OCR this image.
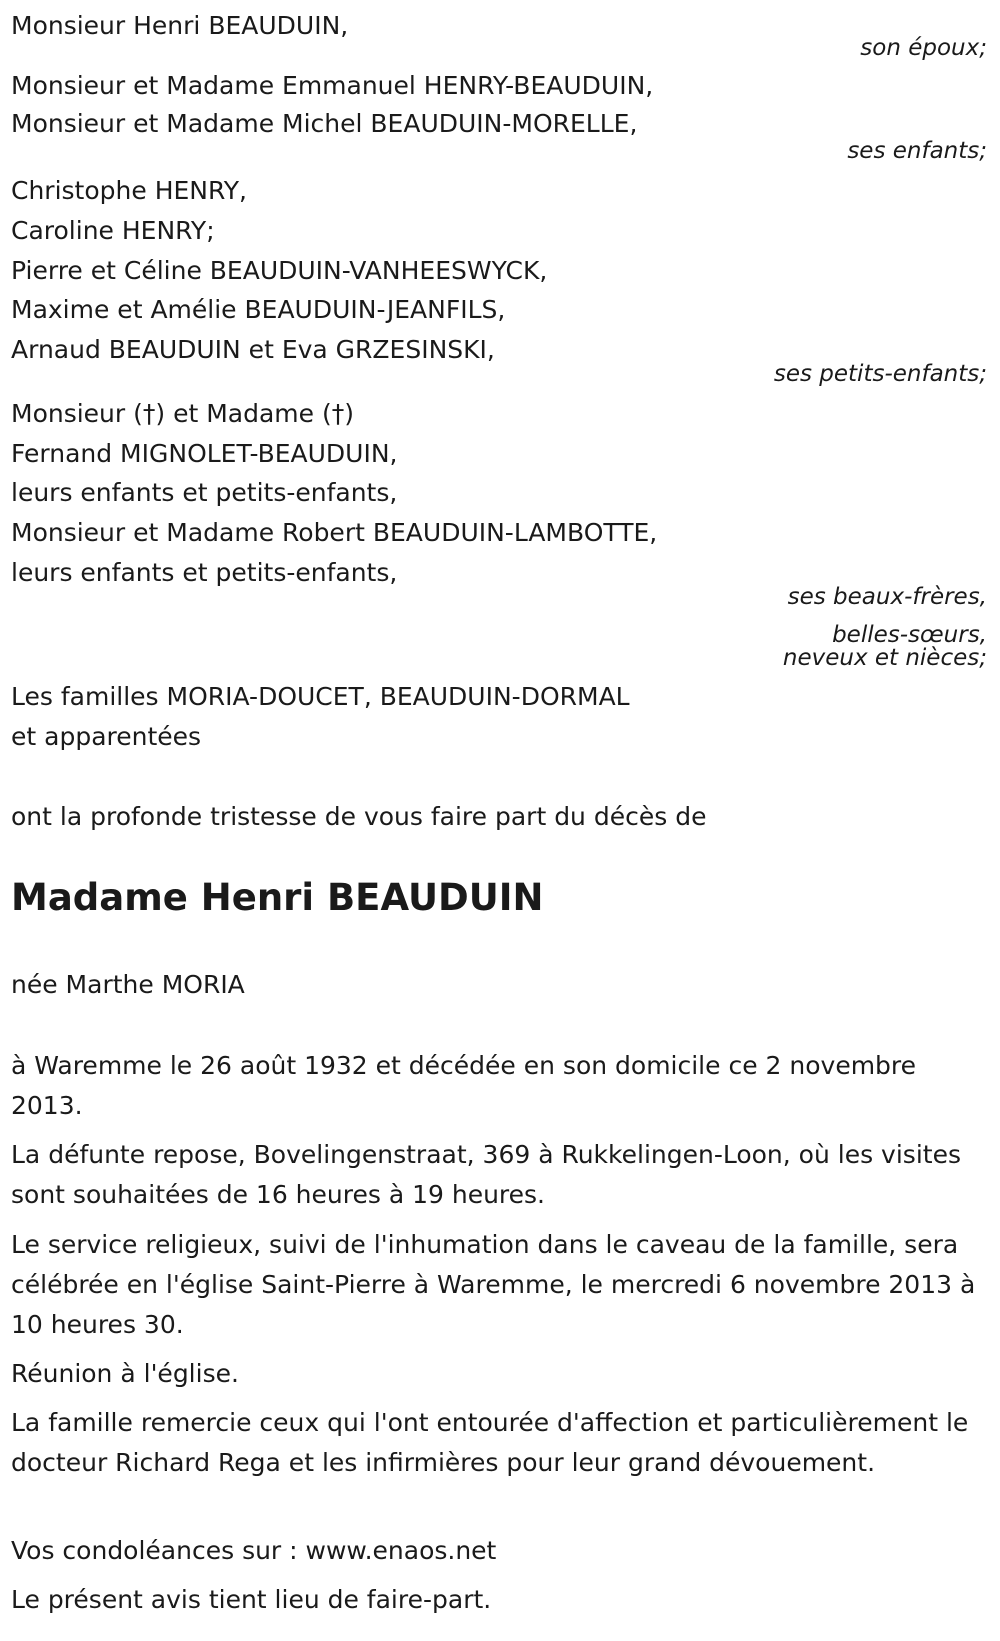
Monsieur Henri BEAUDUIN,
son époux;
Monsieur et Madame Emmanuel HENRY-BEAUDUIN,
Monsieur et Madame Michel BEAUDUIN-MORELLE,
ses enfants;
Christophe HENRY,
Caroline HENRY;
Pierre et Céline BEAUDUIN-VANHEESWYCK,
Maxime et Amélie BEAUDUIN-JEANFILS,
Arnaud BEAUDUIN et Eva GRZESINSKI,
ses petits-enfants;
Monsieur (†) et Madame (†)
Fernand MIGNOLET-BEAUDUIN,
leurs enfants et petits-enfants,
Monsieur et Madame Robert BEAUDUIN-LAMBOTTE,
leurs enfants et petits-enfants,
ses beaux-frères,
belles-sœurs,
neveux et nièces;
Les familles MORIA-DOUCET, BEAUDUIN-DORMAL
et apparentées
ont la profonde tristesse de vous faire part du décès de
Madame Henri BEAUDUIN
née Marthe MORIA
à Waremme le 26 août 1932 et décédée en son domicile ce 2 novembre 2013.
La défunte repose, Bovelingenstraat, 369 à Rukkelingen-Loon, où les visites sont souhaitées de 16 heures à 19 heures.
Le service religieux, suivi de l'inhumation dans le caveau de la famille, sera célébrée en l'église Saint-Pierre à Waremme, le mercredi 6 novembre 2013 à 10 heures 30.
Réunion à l'église.
La famille remercie ceux qui l'ont entourée d'affection et particulièrement le docteur Richard Rega et les infirmières pour leur grand dévouement.
Vos condoléances sur : www.enaos.net
Le présent avis tient lieu de faire-part.
